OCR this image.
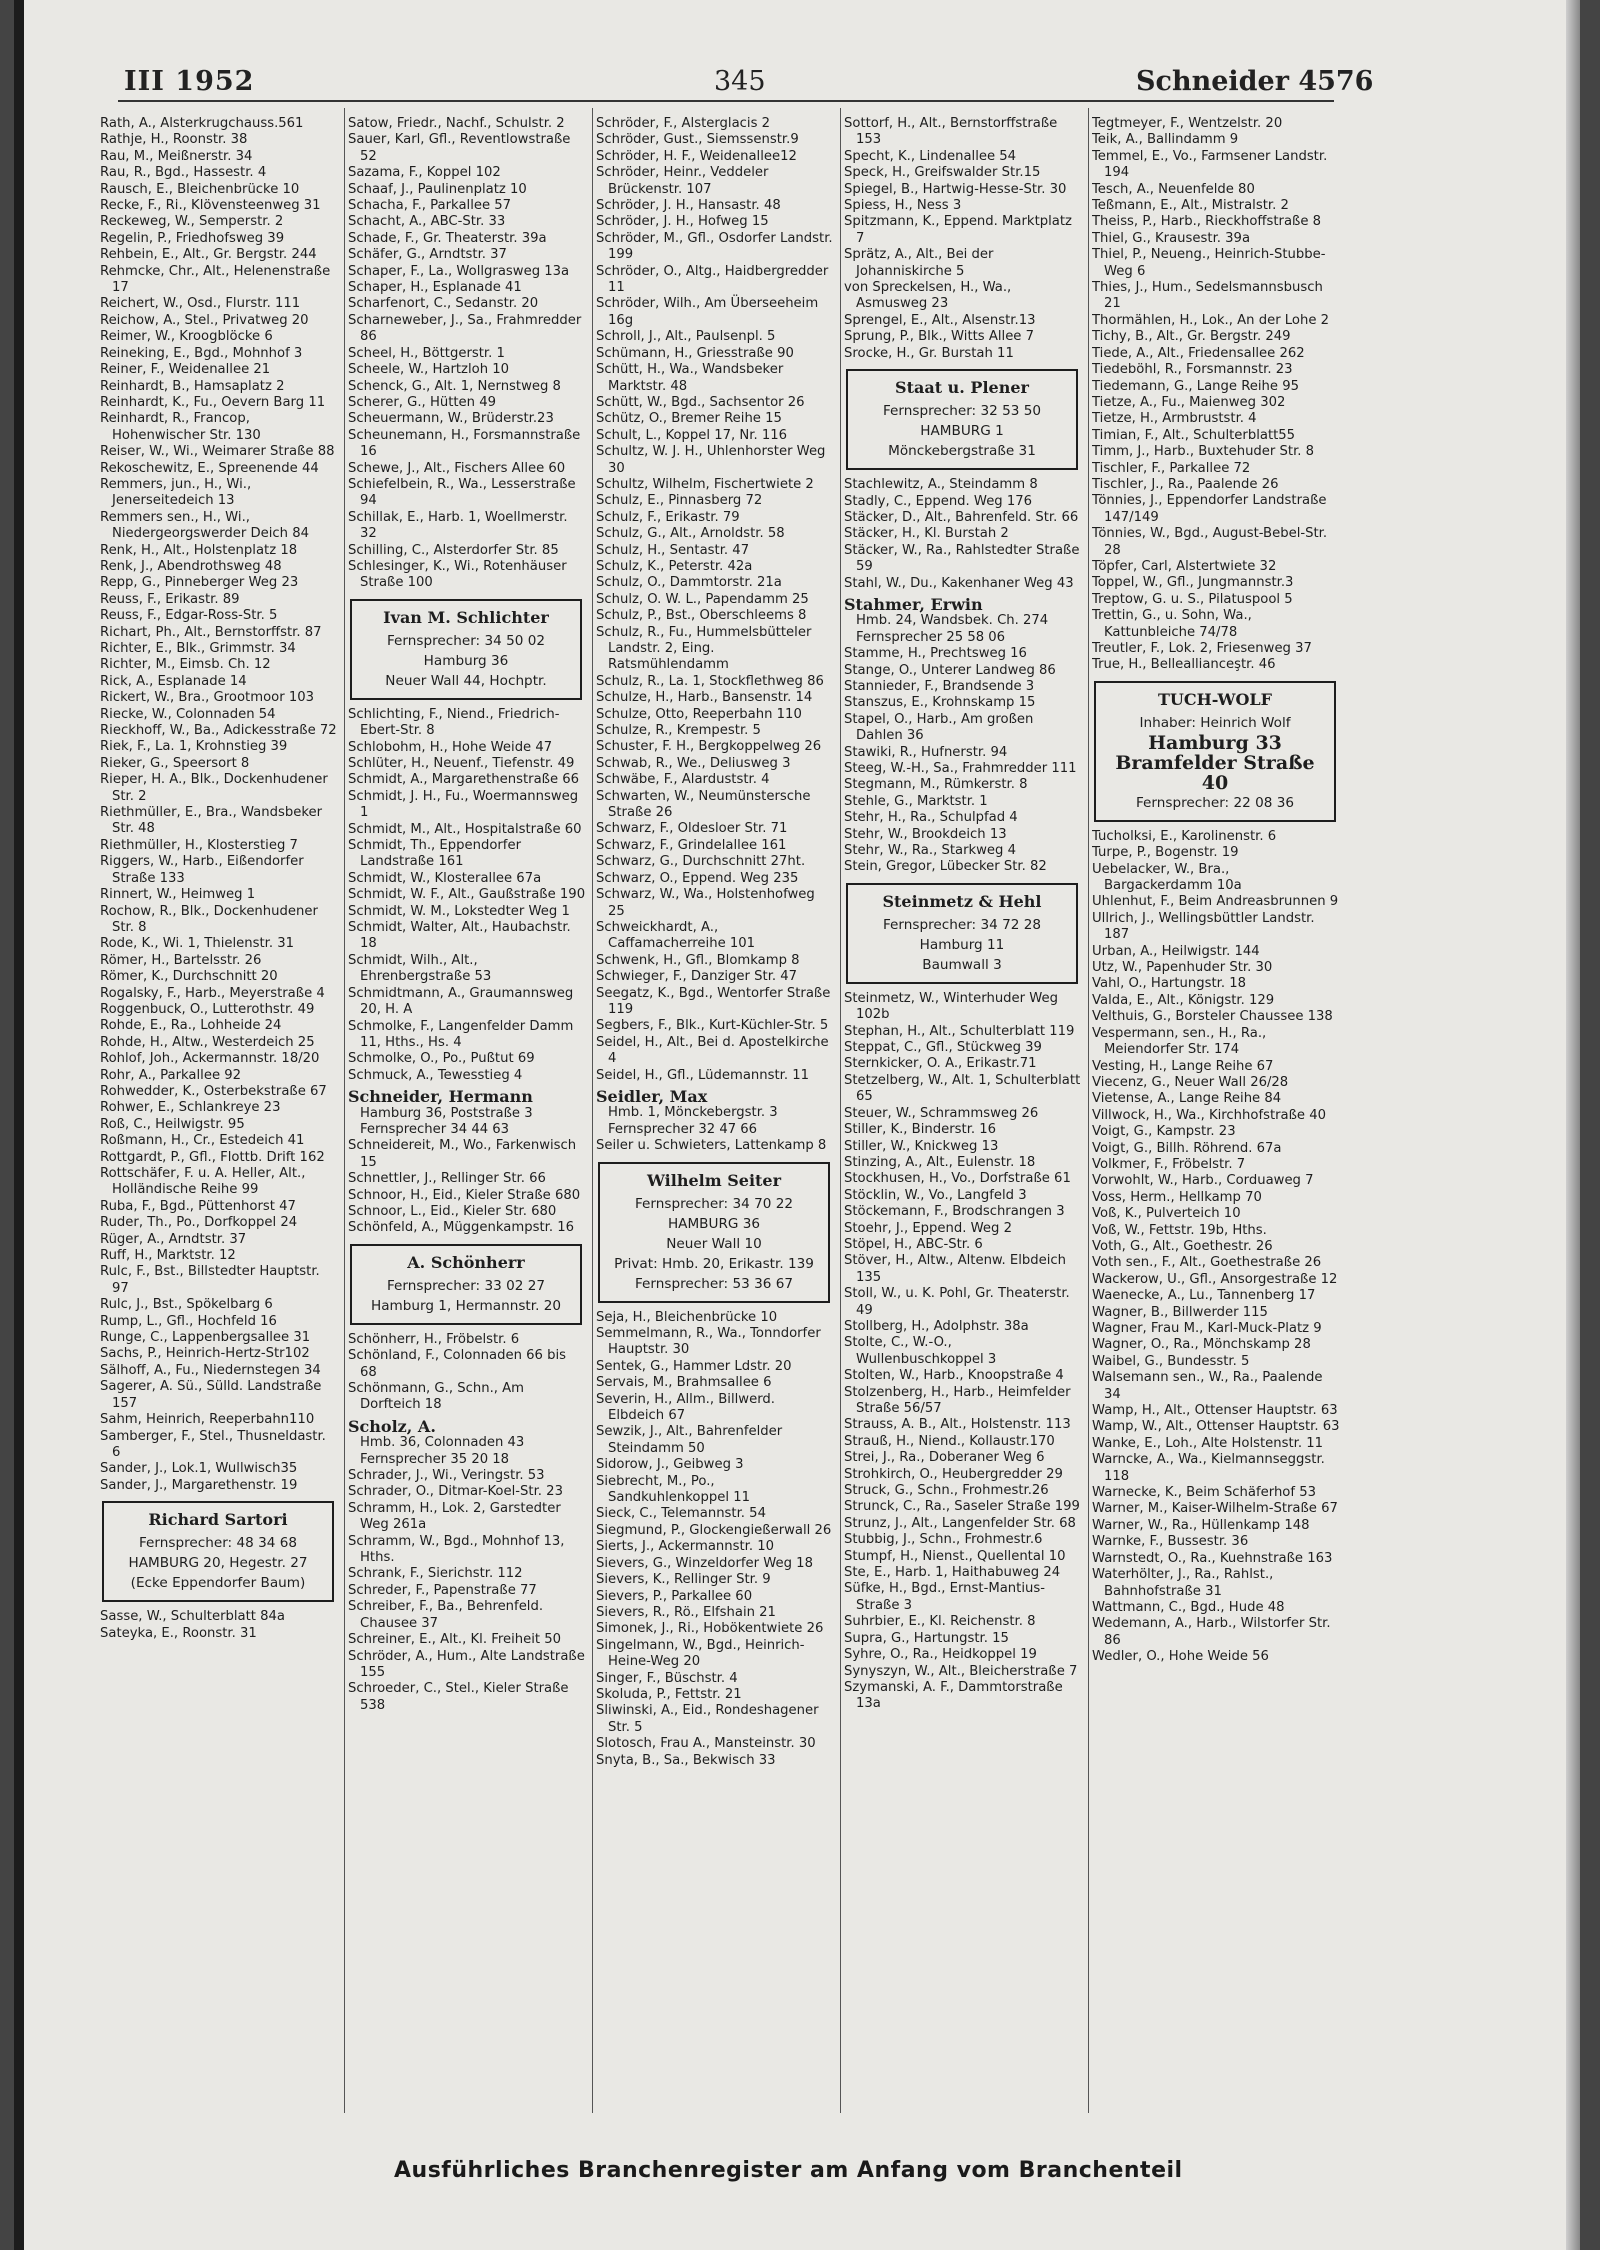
III 1952	345	Schneider 4576
Rath, A., Alsterkrugchauss.561
Rathje, H., Roonstr. 38
Rau, M., Meißnerstr. 34
Rau, R., Bgd., Hassestr. 4
Rausch, E., Bleichenbrücke 10
Recke, F., Ri., Klövensteenweg 31
Reckeweg, W., Semperstr. 2
Regelin, P., Friedhofsweg 39
Rehbein, E., Alt., Gr. Bergstr. 244
Rehmcke, Chr., Alt., Helenenstraße 17
Reichert, W., Osd., Flurstr. 111
Reichow, A., Stel., Privatweg 20
Reimer, W., Kroogblöcke 6
Reineking, E., Bgd., Mohnhof 3
Reiner, F., Weidenallee 21
Reinhardt, B., Hamsaplatz 2
Reinhardt, K., Fu., Oevern Barg 11
Reinhardt, R., Francop, Hohenwischer Str. 130
Reiser, W., Wi., Weimarer Straße 88
Rekoschewitz, E., Spreenende 44
Remmers, jun., H., Wi., Jenerseitedeich 13
Remmers sen., H., Wi., Niedergeorgswerder Deich 84
Renk, H., Alt., Holstenplatz 18
Renk, J., Abendrothsweg 48
Repp, G., Pinneberger Weg 23
Reuss, F., Erikastr. 89
Reuss, F., Edgar-Ross-Str. 5
Richart, Ph., Alt., Bernstorffstr. 87
Richter, E., Blk., Grimmstr. 34
Richter, M., Eimsb. Ch. 12
Rick, A., Esplanade 14
Rickert, W., Bra., Grootmoor 103
Riecke, W., Colonnaden 54
Rieckhoff, W., Ba., Adickesstraße 72
Riek, F., La. 1, Krohnstieg 39
Rieker, G., Speersort 8
Rieper, H. A., Blk., Dockenhudener Str. 2
Riethmüller, E., Bra., Wandsbeker Str. 48
Riethmüller, H., Klosterstieg 7
Riggers, W., Harb., Eißendorfer Straße 133
Rinnert, W., Heimweg 1
Rochow, R., Blk., Dockenhudener Str. 8
Rode, K., Wi. 1, Thielenstr. 31
Römer, H., Bartelsstr. 26
Römer, K., Durchschnitt 20
Rogalsky, F., Harb., Meyerstraße 4
Roggenbuck, O., Lutterothstr. 49
Rohde, E., Ra., Lohheide 24
Rohde, H., Altw., Westerdeich 25
Rohlof, Joh., Ackermannstr. 18/20
Rohr, A., Parkallee 92
Rohwedder, K., Osterbekstraße 67
Rohwer, E., Schlankreye 23
Roß, C., Heilwigstr. 95
Roßmann, H., Cr., Estedeich 41
Rottgardt, P., Gfl., Flottb. Drift 162
Rottschäfer, F. u. A. Heller, Alt., Holländische Reihe 99
Ruba, F., Bgd., Püttenhorst 47
Ruder, Th., Po., Dorfkoppel 24
Rüger, A., Arndtstr. 37
Ruff, H., Marktstr. 12
Rulc, F., Bst., Billstedter Hauptstr. 97
Rulc, J., Bst., Spökelbarg 6
Rump, L., Gfl., Hochfeld 16
Runge, C., Lappenbergsallee 31
Sachs, P., Heinrich-Hertz-Str102
Sälhoff, A., Fu., Niedernstegen 34
Sagerer, A. Sü., Sülld. Landstraße 157
Sahm, Heinrich, Reeperbahn110
Samberger, F., Stel., Thusneldastr. 6
Sander, J., Lok.1, Wullwisch35
Sander, J., Margarethenstr. 19
Richard Sartori
Fernsprecher: 48 34 68
HAMBURG 20, Hegestr. 27
(Ecke Eppendorfer Baum)
Sasse, W., Schulterblatt 84a
Sateyka, E., Roonstr. 31
Satow, Friedr., Nachf., Schulstr. 2
Sauer, Karl, Gfl., Reventlowstraße 52
Sazama, F., Koppel 102
Schaaf, J., Paulinenplatz 10
Schacha, F., Parkallee 57
Schacht, A., ABC-Str. 33
Schade, F., Gr. Theaterstr. 39a
Schäfer, G., Arndtstr. 37
Schaper, F., La., Wollgrasweg 13a
Schaper, H., Esplanade 41
Scharfenort, C., Sedanstr. 20
Scharneweber, J., Sa., Frahmredder 86
Scheel, H., Böttgerstr. 1
Scheele, W., Hartzloh 10
Schenck, G., Alt. 1, Nernstweg 8
Scherer, G., Hütten 49
Scheuermann, W., Brüderstr.23
Scheunemann, H., Forsmannstraße 16
Schewe, J., Alt., Fischers Allee 60
Schiefelbein, R., Wa., Lesserstraße 94
Schillak, E., Harb. 1, Woellmerstr. 32
Schilling, C., Alsterdorfer Str. 85
Schlesinger, K., Wi., Rotenhäuser Straße 100
Ivan M. Schlichter
Fernsprecher: 34 50 02
Hamburg 36
Neuer Wall 44, Hochptr.
Schlichting, F., Niend., Friedrich-Ebert-Str. 8
Schlobohm, H., Hohe Weide 47
Schlüter, H., Neuenf., Tiefenstr. 49
Schmidt, A., Margarethenstraße 66
Schmidt, J. H., Fu., Woermannsweg 1
Schmidt, M., Alt., Hospitalstraße 60
Schmidt, Th., Eppendorfer Landstraße 161
Schmidt, W., Klosterallee 67a
Schmidt, W. F., Alt., Gaußstraße 190
Schmidt, W. M., Lokstedter Weg 1
Schmidt, Walter, Alt., Haubachstr. 18
Schmidt, Wilh., Alt., Ehrenbergstraße 53
Schmidtmann, A., Graumannsweg 20, H. A
Schmolke, F., Langenfelder Damm 11, Hths., Hs. 4
Schmolke, O., Po., Pußtut 69
Schmuck, A., Tewesstieg 4
Schneider, Hermann
Hamburg 36, Poststraße 3
Fernsprecher 34 44 63
Schneidereit, M., Wo., Farkenwisch 15
Schnettler, J., Rellinger Str. 66
Schnoor, H., Eid., Kieler Straße 680
Schnoor, L., Eid., Kieler Str. 680
Schönfeld, A., Müggenkampstr. 16
A. Schönherr
Fernsprecher: 33 02 27
Hamburg 1, Hermannstr. 20
Schönherr, H., Fröbelstr. 6
Schönland, F., Colonnaden 66 bis 68
Schönmann, G., Schn., Am Dorfteich 18
Scholz, A.
Hmb. 36, Colonnaden 43
Fernsprecher 35 20 18
Schrader, J., Wi., Veringstr. 53
Schrader, O., Ditmar-Koel-Str. 23
Schramm, H., Lok. 2, Garstedter Weg 261a
Schramm, W., Bgd., Mohnhof 13, Hths.
Schrank, F., Sierichstr. 112
Schreder, F., Papenstraße 77
Schreiber, F., Ba., Behrenfeld. Chausee 37
Schreiner, E., Alt., Kl. Freiheit 50
Schröder, A., Hum., Alte Landstraße 155
Schroeder, C., Stel., Kieler Straße 538
Schröder, F., Alsterglacis 2
Schröder, Gust., Siemssenstr.9
Schröder, H. F., Weidenallee12
Schröder, Heinr., Veddeler Brückenstr. 107
Schröder, J. H., Hansastr. 48
Schröder, J. H., Hofweg 15
Schröder, M., Gfl., Osdorfer Landstr. 199
Schröder, O., Altg., Haidbergredder 11
Schröder, Wilh., Am Überseeheim 16g
Schroll, J., Alt., Paulsenpl. 5
Schümann, H., Griesstraße 90
Schütt, H., Wa., Wandsbeker Marktstr. 48
Schütt, W., Bgd., Sachsentor 26
Schütz, O., Bremer Reihe 15
Schult, L., Koppel 17, Nr. 116
Schultz, W. J. H., Uhlenhorster Weg 30
Schultz, Wilhelm, Fischertwiete 2
Schulz, E., Pinnasberg 72
Schulz, F., Erikastr. 79
Schulz, G., Alt., Arnoldstr. 58
Schulz, H., Sentastr. 47
Schulz, K., Peterstr. 42a
Schulz, O., Dammtorstr. 21a
Schulz, O. W. L., Papendamm 25
Schulz, P., Bst., Oberschleems 8
Schulz, R., Fu., Hummelsbütteler Landstr. 2, Eing. Ratsmühlendamm
Schulz, R., La. 1, Stockflethweg 86
Schulze, H., Harb., Bansenstr. 14
Schulze, Otto, Reeperbahn 110
Schulze, R., Krempestr. 5
Schuster, F. H., Bergkoppelweg 26
Schwab, R., We., Deliusweg 3
Schwäbe, F., Alarduststr. 4
Schwarten, W., Neumünstersche Straße 26
Schwarz, F., Oldesloer Str. 71
Schwarz, F., Grindelallee 161
Schwarz, G., Durchschnitt 27ht.
Schwarz, O., Eppend. Weg 235
Schwarz, W., Wa., Holstenhofweg 25
Schweickhardt, A., Caffamacherreihe 101
Schwenk, H., Gfl., Blomkamp 8
Schwieger, F., Danziger Str. 47
Seegatz, K., Bgd., Wentorfer Straße 119
Segbers, F., Blk., Kurt-Küchler-Str. 5
Seidel, H., Alt., Bei d. Apostelkirche 4
Seidel, H., Gfl., Lüdemannstr. 11
Seidler, Max
Hmb. 1, Mönckebergstr. 3
Fernsprecher 32 47 66
Seiler u. Schwieters, Lattenkamp 8
Wilhelm Seiter
Fernsprecher: 34 70 22
HAMBURG 36
Neuer Wall 10
Privat: Hmb. 20, Erikastr. 139
Fernsprecher: 53 36 67
Seja, H., Bleichenbrücke 10
Semmelmann, R., Wa., Tonndorfer Hauptstr. 30
Sentek, G., Hammer Ldstr. 20
Servais, M., Brahmsallee 6
Severin, H., Allm., Billwerd. Elbdeich 67
Sewzik, J., Alt., Bahrenfelder Steindamm 50
Sidorow, J., Geibweg 3
Siebrecht, M., Po., Sandkuhlenkoppel 11
Sieck, C., Telemannstr. 54
Siegmund, P., Glockengießerwall 26
Sierts, J., Ackermannstr. 10
Sievers, G., Winzeldorfer Weg 18
Sievers, K., Rellinger Str. 9
Sievers, P., Parkallee 60
Sievers, R., Rö., Elfshain 21
Simonek, J., Ri., Hobökentwiete 26
Singelmann, W., Bgd., Heinrich-Heine-Weg 20
Singer, F., Büschstr. 4
Skoluda, P., Fettstr. 21
Sliwinski, A., Eid., Rondeshagener Str. 5
Slotosch, Frau A., Mansteinstr. 30
Snyta, B., Sa., Bekwisch 33
Sottorf, H., Alt., Bernstorffstraße 153
Specht, K., Lindenallee 54
Speck, H., Greifswalder Str.15
Spiegel, B., Hartwig-Hesse-Str. 30
Spiess, H., Ness 3
Spitzmann, K., Eppend. Marktplatz 7
Sprätz, A., Alt., Bei der Johanniskirche 5
von Spreckelsen, H., Wa., Asmusweg 23
Sprengel, E., Alt., Alsenstr.13
Sprung, P., Blk., Witts Allee 7
Srocke, H., Gr. Burstah 11
Staat u. Plener
Fernsprecher: 32 53 50
HAMBURG 1
Mönckebergstraße 31
Stachlewitz, A., Steindamm 8
Stadly, C., Eppend. Weg 176
Stäcker, D., Alt., Bahrenfeld. Str. 66
Stäcker, H., Kl. Burstah 2
Stäcker, W., Ra., Rahlstedter Straße 59
Stahl, W., Du., Kakenhaner Weg 43
Stahmer, Erwin
Hmb. 24, Wandsbek. Ch. 274
Fernsprecher 25 58 06
Stamme, H., Prechtsweg 16
Stange, O., Unterer Landweg 86
Stannieder, F., Brandsende 3
Stanszus, E., Krohnskamp 15
Stapel, O., Harb., Am großen Dahlen 36
Stawiki, R., Hufnerstr. 94
Steeg, W.-H., Sa., Frahmredder 111
Stegmann, M., Rümkerstr. 8
Stehle, G., Marktstr. 1
Stehr, H., Ra., Schulpfad 4
Stehr, W., Brookdeich 13
Stehr, W., Ra., Starkweg 4
Stein, Gregor, Lübecker Str. 82
Steinmetz & Hehl
Fernsprecher: 34 72 28
Hamburg 11
Baumwall 3
Steinmetz, W., Winterhuder Weg 102b
Stephan, H., Alt., Schulterblatt 119
Steppat, C., Gfl., Stückweg 39
Sternkicker, O. A., Erikastr.71
Stetzelberg, W., Alt. 1, Schulterblatt 65
Steuer, W., Schrammsweg 26
Stiller, K., Binderstr. 16
Stiller, W., Knickweg 13
Stinzing, A., Alt., Eulenstr. 18
Stockhusen, H., Vo., Dorfstraße 61
Stöcklin, W., Vo., Langfeld 3
Stöckemann, F., Brodschrangen 3
Stoehr, J., Eppend. Weg 2
Stöpel, H., ABC-Str. 6
Stöver, H., Altw., Altenw. Elbdeich 135
Stoll, W., u. K. Pohl, Gr. Theaterstr. 49
Stollberg, H., Adolphstr. 38a
Stolte, C., W.-O., Wullenbuschkoppel 3
Stolten, W., Harb., Knoopstraße 4
Stolzenberg, H., Harb., Heimfelder Straße 56/57
Strauss, A. B., Alt., Holstenstr. 113
Strauß, H., Niend., Kollaustr.170
Strei, J., Ra., Doberaner Weg 6
Strohkirch, O., Heubergredder 29
Struck, G., Schn., Frohmestr.26
Strunck, C., Ra., Saseler Straße 199
Strunz, J., Alt., Langenfelder Str. 68
Stubbig, J., Schn., Frohmestr.6
Stumpf, H., Nienst., Quellental 10
Ste, E., Harb. 1, Haithabuweg 24
Süfke, H., Bgd., Ernst-Mantius-Straße 3
Suhrbier, E., Kl. Reichenstr. 8
Supra, G., Hartungstr. 15
Syhre, O., Ra., Heidkoppel 19
Synyszyn, W., Alt., Bleicherstraße 7
Szymanski, A. F., Dammtorstraße 13a
Tegtmeyer, F., Wentzelstr. 20
Teik, A., Ballindamm 9
Temmel, E., Vo., Farmsener Landstr. 194
Tesch, A., Neuenfelde 80
Teßmann, E., Alt., Mistralstr. 2
Theiss, P., Harb., Rieckhoffstraße 8
Thiel, G., Krausestr. 39a
Thiel, P., Neueng., Heinrich-Stubbe-Weg 6
Thies, J., Hum., Sedelsmannsbusch 21
Thormählen, H., Lok., An der Lohe 2
Tichy, B., Alt., Gr. Bergstr. 249
Tiede, A., Alt., Friedensallee 262
Tiedeböhl, R., Forsmannstr. 23
Tiedemann, G., Lange Reihe 95
Tietze, A., Fu., Maienweg 302
Tietze, H., Armbruststr. 4
Timian, F., Alt., Schulterblatt55
Timm, J., Harb., Buxtehuder Str. 8
Tischler, F., Parkallee 72
Tischler, J., Ra., Paalende 26
Tönnies, J., Eppendorfer Landstraße 147/149
Tönnies, W., Bgd., August-Bebel-Str. 28
Töpfer, Carl, Alstertwiete 32
Toppel, W., Gfl., Jungmannstr.3
Treptow, G. u. S., Pilatuspool 5
Trettin, G., u. Sohn, Wa., Kattunbleiche 74/78
Treutler, F., Lok. 2, Friesenweg 37
True, H., Belleallianceştr. 46
TUCH-WOLF
Inhaber: Heinrich Wolf
Hamburg 33
Bramfelder Straße 40
Fernsprecher: 22 08 36
Tucholksi, E., Karolinenstr. 6
Turpe, P., Bogenstr. 19
Uebelacker, W., Bra., Bargackerdamm 10a
Uhlenhut, F., Beim Andreasbrunnen 9
Ullrich, J., Wellingsbüttler Landstr. 187
Urban, A., Heilwigstr. 144
Utz, W., Papenhuder Str. 30
Vahl, O., Hartungstr. 18
Valda, E., Alt., Königstr. 129
Velthuis, G., Borsteler Chaussee 138
Vespermann, sen., H., Ra., Meiendorfer Str. 174
Vesting, H., Lange Reihe 67
Viecenz, G., Neuer Wall 26/28
Vietense, A., Lange Reihe 84
Villwock, H., Wa., Kirchhofstraße 40
Voigt, G., Kampstr. 23
Voigt, G., Billh. Röhrend. 67a
Volkmer, F., Fröbelstr. 7
Vorwohlt, W., Harb., Corduaweg 7
Voss, Herm., Hellkamp 70
Voß, K., Pulverteich 10
Voß, W., Fettstr. 19b, Hths.
Voth, G., Alt., Goethestr. 26
Voth sen., F., Alt., Goethestraße 26
Wackerow, U., Gfl., Ansorgestraße 12
Waenecke, A., Lu., Tannenberg 17
Wagner, B., Billwerder 115
Wagner, Frau M., Karl-Muck-Platz 9
Wagner, O., Ra., Mönchskamp 28
Waibel, G., Bundesstr. 5
Walsemann sen., W., Ra., Paalende 34
Wamp, H., Alt., Ottenser Hauptstr. 63
Wamp, W., Alt., Ottenser Hauptstr. 63
Wanke, E., Loh., Alte Holstenstr. 11
Warncke, A., Wa., Kielmannseggstr. 118
Warnecke, K., Beim Schäferhof 53
Warner, M., Kaiser-Wilhelm-Straße 67
Warner, W., Ra., Hüllenkamp 148
Warnke, F., Bussestr. 36
Warnstedt, O., Ra., Kuehnstraße 163
Waterhölter, J., Ra., Rahlst., Bahnhofstraße 31
Wattmann, C., Bgd., Hude 48
Wedemann, A., Harb., Wilstorfer Str. 86
Wedler, O., Hohe Weide 56
Ausführliches Branchenregister am Anfang vom Branchenteil
